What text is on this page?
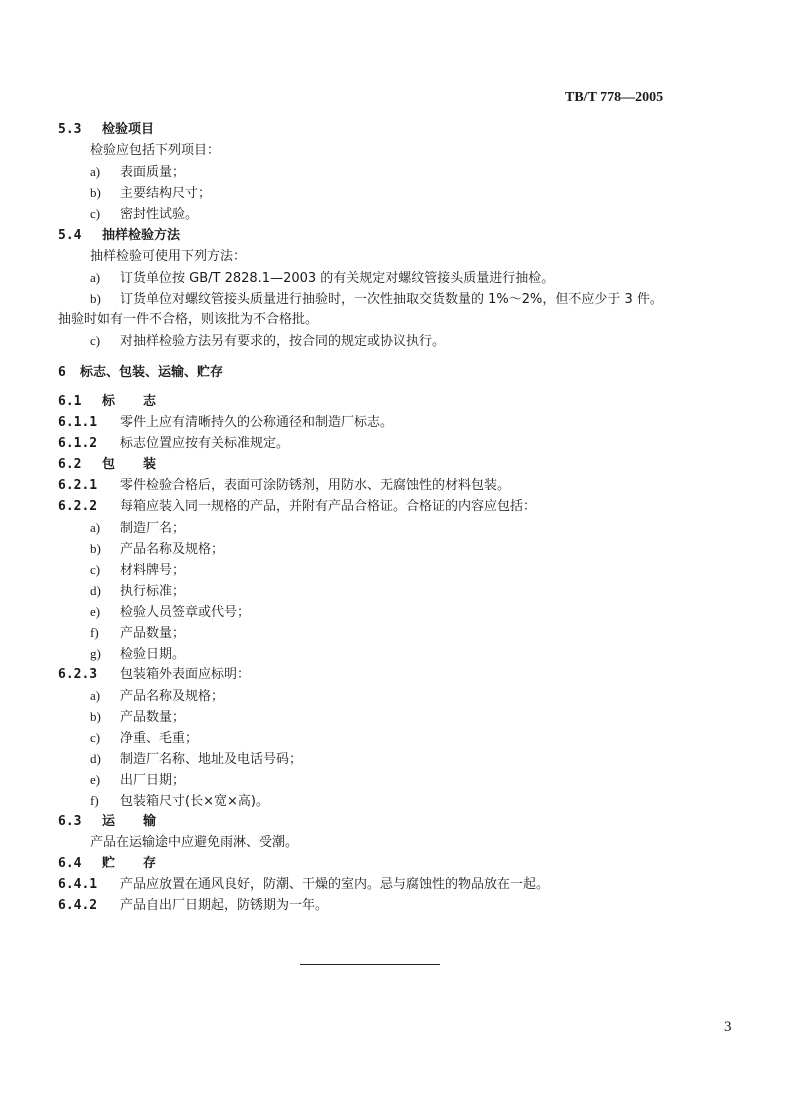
TB/T 778—2005
5.3 检验项目
检验应包括下列项目：
a) 表面质量；
b) 主要结构尺寸；
c) 密封性试验。
5.4 抽样检验方法
抽样检验可使用下列方法：
a) 订货单位按 GB/T 2828.1—2003 的有关规定对螺纹管接头质量进行抽检。
b) 订货单位对螺纹管接头质量进行抽验时，一次性抽取交货数量的 1%～2%，但不应少于 3 件。
抽验时如有一件不合格，则该批为不合格批。
c) 对抽样检验方法另有要求的，按合同的规定或协议执行。
6 标志、包装、运输、贮存
6.1 标志
6.1.1 零件上应有清晰持久的公称通径和制造厂标志。
6.1.2 标志位置应按有关标准规定。
6.2 包装
6.2.1 零件检验合格后，表面可涂防锈剂，用防水、无腐蚀性的材料包装。
6.2.2 每箱应装入同一规格的产品，并附有产品合格证。合格证的内容应包括：
a) 制造厂名；
b) 产品名称及规格；
c) 材料牌号；
d) 执行标准；
e) 检验人员签章或代号；
f) 产品数量；
g) 检验日期。
6.2.3 包装箱外表面应标明：
a) 产品名称及规格；
b) 产品数量；
c) 净重、毛重；
d) 制造厂名称、地址及电话号码；
e) 出厂日期；
f) 包装箱尺寸(长×宽×高)。
6.3 运输
产品在运输途中应避免雨淋、受潮。
6.4 贮存
6.4.1 产品应放置在通风良好，防潮、干燥的室内。忌与腐蚀性的物品放在一起。
6.4.2 产品自出厂日期起，防锈期为一年。
3
